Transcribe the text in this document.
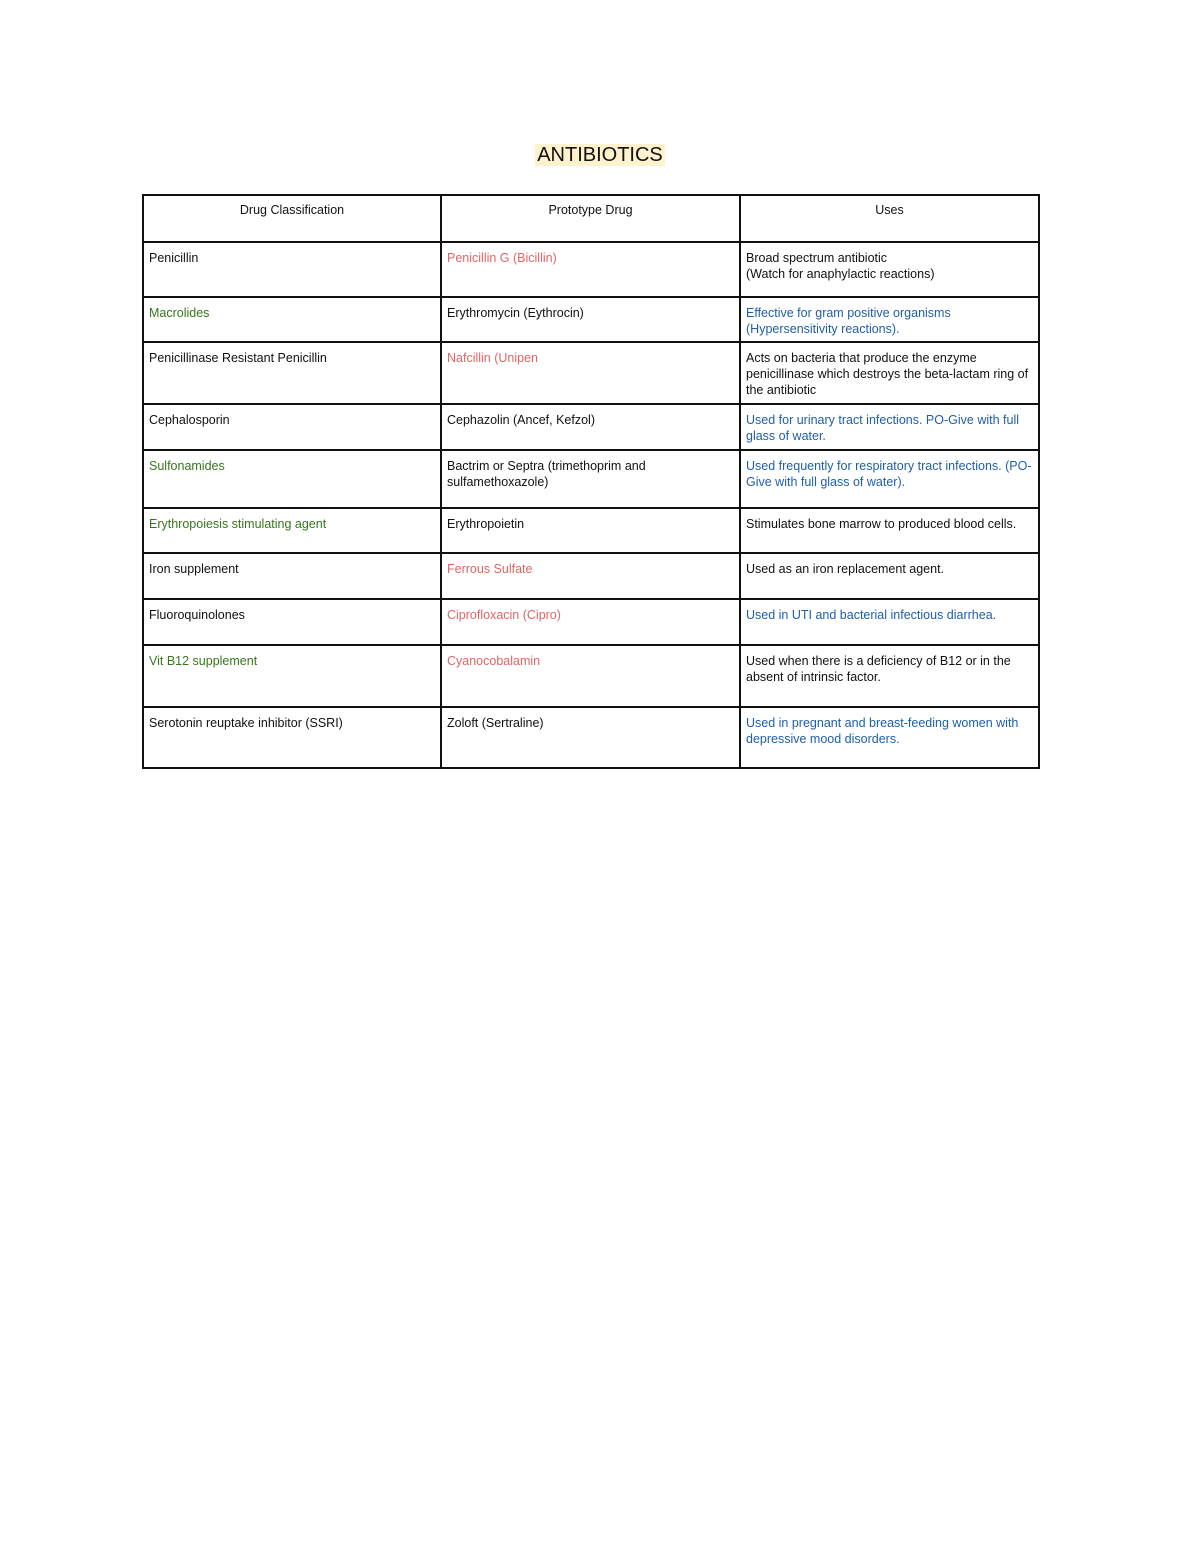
ANTIBIOTICS
Drug Classification	Prototype Drug	Uses
Penicillin	Penicillin G (Bicillin)	Broad spectrum antibiotic
(Watch for anaphylactic reactions)
Macrolides	Erythromycin (Eythrocin)	Effective for gram positive organisms
(Hypersensitivity reactions).
Penicillinase Resistant Penicillin	Nafcillin (Unipen	Acts on bacteria that produce the enzyme penicillinase which destroys the beta-lactam ring of the antibiotic
Cephalosporin	Cephazolin (Ancef, Kefzol)	Used for urinary tract infections. PO-Give with full glass of water.
Sulfonamides	Bactrim or Septra (trimethoprim and sulfamethoxazole)	Used frequently for respiratory tract infections. (PO-Give with full glass of water).
Erythropoiesis stimulating agent	Erythropoietin	Stimulates bone marrow to produced blood cells.
Iron supplement	Ferrous Sulfate	Used as an iron replacement agent.
Fluoroquinolones	Ciprofloxacin (Cipro)	Used in UTI and bacterial infectious diarrhea.
Vit B12 supplement	Cyanocobalamin	Used when there is a deficiency of B12 or in the absent of intrinsic factor.
Serotonin reuptake inhibitor (SSRI)	Zoloft (Sertraline)	Used in pregnant and breast-feeding women with depressive mood disorders.
